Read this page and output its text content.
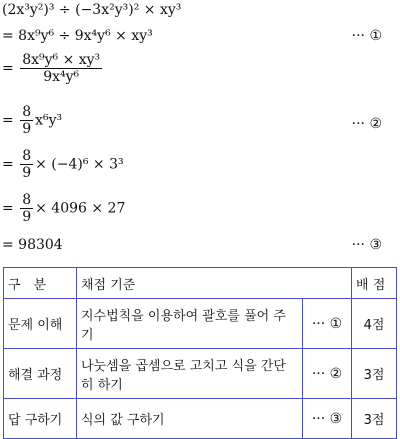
(2x³y²)³ ÷ (−3x²y³)² × xy³
= 8x⁹y⁶ ÷ 9x⁴y⁶ × xy³	··· ①
= $\frac{\text{8x⁹y⁶ × xy³}}{\text{9x⁴y⁶}}$
= $\frac{8}{9} x^6y^3$	··· ②
= $\frac{8}{9} \times (-4)^6 \times 3^3$
= $\frac{8}{9} \times 4096 \times 27$
= 98304	··· ③
구　분	채점 기준		배 점
문제 이해	지수법칙을 이용하여 괄호를 풀어 주기	··· ①	4점
해결 과정	나눗셈을 곱셈으로 고치고 식을 간단히 하기	··· ②	3점
답 구하기	식의 값 구하기	··· ③	3점
